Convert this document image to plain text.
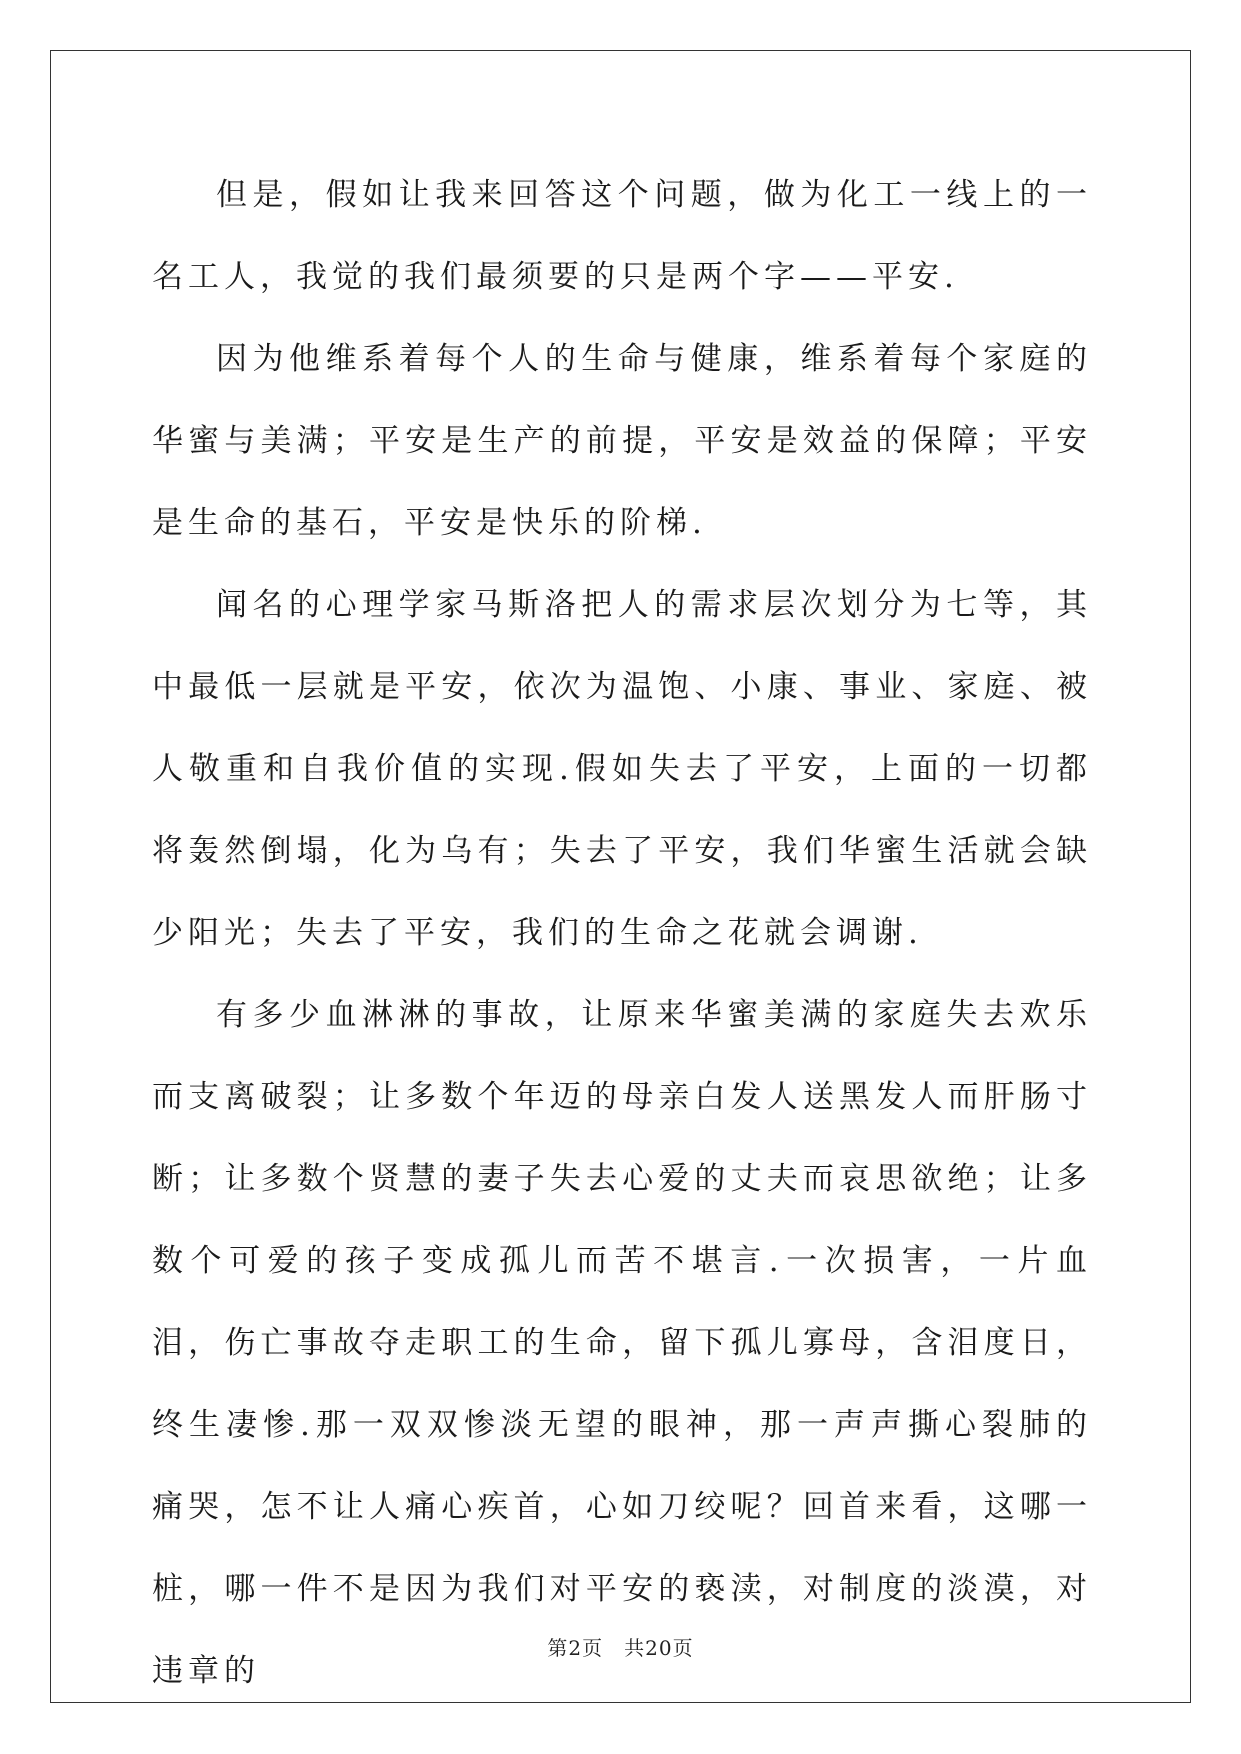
但是，假如让我来回答这个问题，做为化工一线上的一名工人，我觉的我们最须要的只是两个字——平安.

因为他维系着每个人的生命与健康，维系着每个家庭的华蜜与美满；平安是生产的前提，平安是效益的保障；平安是生命的基石，平安是快乐的阶梯.

闻名的心理学家马斯洛把人的需求层次划分为七等，其中最低一层就是平安，依次为温饱、小康、事业、家庭、被人敬重和自我价值的实现.假如失去了平安，上面的一切都将轰然倒塌，化为乌有；失去了平安，我们华蜜生活就会缺少阳光；失去了平安，我们的生命之花就会调谢.

有多少血淋淋的事故，让原来华蜜美满的家庭失去欢乐而支离破裂；让多数个年迈的母亲白发人送黑发人而肝肠寸断；让多数个贤慧的妻子失去心爱的丈夫而哀思欲绝；让多数个可爱的孩子变成孤儿而苦不堪言.一次损害，一片血泪，伤亡事故夺走职工的生命，留下孤儿寡母，含泪度日，终生凄惨.那一双双惨淡无望的眼神，那一声声撕心裂肺的痛哭，怎不让人痛心疾首，心如刀绞呢？回首来看，这哪一桩，哪一件不是因为我们对平安的亵渎，对制度的淡漠，对违章的

第2页　共20页
